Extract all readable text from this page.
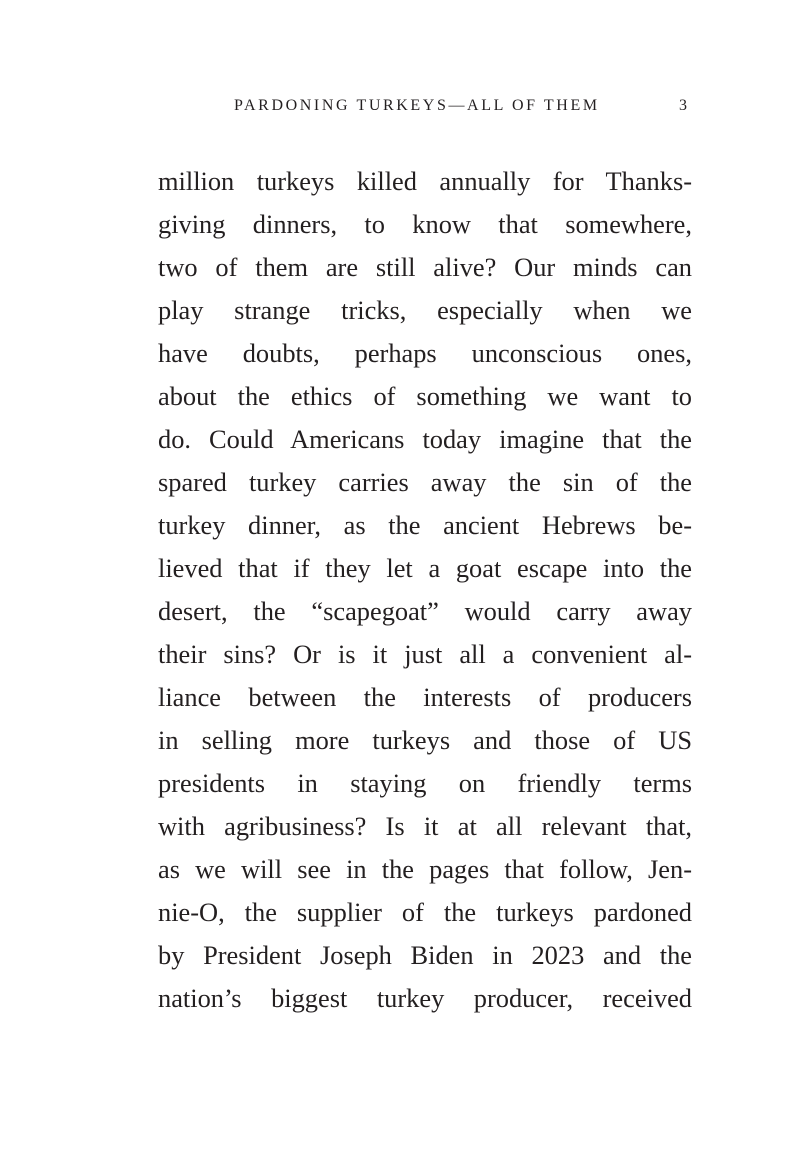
PARDONING TURKEYS—ALL OF THEM	3
million turkeys killed annually for Thanks-
giving dinners, to know that somewhere,
two of them are still alive? Our minds can
play strange tricks, especially when we
have doubts, perhaps unconscious ones,
about the ethics of something we want to
do. Could Americans today imagine that the
spared turkey carries away the sin of the
turkey dinner, as the ancient Hebrews be-
lieved that if they let a goat escape into the
desert, the “scapegoat” would carry away
their sins? Or is it just all a convenient al-
liance between the interests of producers
in selling more turkeys and those of US
presidents in staying on friendly terms
with agribusiness? Is it at all relevant that,
as we will see in the pages that follow, Jen-
nie-O, the supplier of the turkeys pardoned
by President Joseph Biden in 2023 and the
nation’s biggest turkey producer, received
